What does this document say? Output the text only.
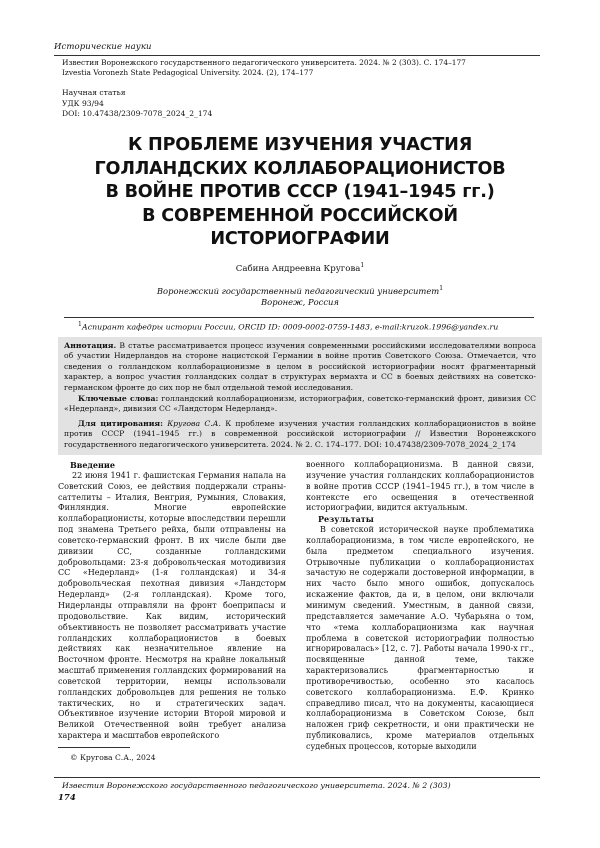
Исторические науки
Известия Воронежского государственного педагогического университета. 2024. № 2 (303). С. 174–177
Izvestia Voronezh State Pedagogical University. 2024. (2), 174–177
Научная статья
УДК 93/94
DOI: 10.47438/2309-7078_2024_2_174
К ПРОБЛЕМЕ ИЗУЧЕНИЯ УЧАСТИЯ
ГОЛЛАНДСКИХ КОЛЛАБОРАЦИОНИСТОВ
В ВОЙНЕ ПРОТИВ СССР (1941–1945 гг.)
В СОВРЕМЕННОЙ РОССИЙСКОЙ
ИСТОРИОГРАФИИ
Сабина Андреевна Кругова$^1$
Воронежский государственный педагогический университет$^1$
Воронеж, Россия
$^1$Аспирант кафедры истории России, ORCID ID: 0009-0002-0759-1483, e-mail:kruzok.1996@yandex.ru

Аннотация. В статье рассматривается процесс изучения современными российскими исследователями вопроса об участии Нидерландов на стороне нацистской Германии в войне против Советского Союза. Отмечается, что сведения о голландском коллаборационизме в целом в российской историографии носят фрагментарный характер, а вопрос участия голландских солдат в структурах вермахта и СС в боевых действиях на советско-германском фронте до сих пор не был отдельной темой исследования.

Ключевые слова: голландский коллаборационизм, историография, советско-германский фронт, дивизия СС «Недерланд», дивизия СС «Ландсторм Недерланд».

Для цитирования: Кругова С.А. К проблеме изучения участия голландских коллаборационистов в войне против СССР (1941–1945 гг.) в современной российской историографии // Известия Воронежского государственного педагогического университета. 2024. № 2. С. 174–177. DOI: 10.47438/2309-7078_2024_2_174

Введение

22 июня 1941 г. фашистская Германия напала на Советский Союз, ее действия поддержали страны-саттелиты – Италия, Венгрия, Румыния, Словакия, Финляндия. Многие европейские коллаборационисты, которые впоследствии перешли под знамена Третьего рейха, были отправлены на советско-германский фронт. В их числе были две дивизии СС, созданные голландскими добровольцами: 23-я добровольческая мотодивизия СС «Недерланд» (1-я голландская) и 34-я добровольческая пехотная дивизия «Ландсторм Недерланд» (2-я голландская). Кроме того, Нидерланды отправляли на фронт боеприпасы и продовольствие. Как видим, исторический объективность не позволяет рассматривать участие голландских коллаборационистов в боевых действиях как незначительное явление на Восточном фронте. Несмотря на крайне локальный масштаб применения голландских формирований на советской территории, немцы использовали голландских добровольцев для решения не только тактических, но и стратегических задач. Объективное изучение истории Второй мировой и Великой Отечественной войн требует анализа характера и масштабов европейского

военного коллаборационизма. В данной связи, изучение участия голландских коллаборационистов в войне против СССР (1941–1945 гг.), в том числе в контексте его освещения в отечественной историографии, видится актуальным.

Результаты

В советской исторической науке проблематика коллаборационизма, в том числе европейского, не была предметом специального изучения. Отрывочные публикации о коллаборационистах зачастую не содержали достоверной информации, в них часто было много ошибок, допускалось искажение фактов, да и, в целом, они включали минимум сведений. Уместным, в данной связи, представляется замечание А.О. Чубарьяна о том, что «тема коллаборационизма как научная проблема в советской историографии полностью игнорировалась» [12, с. 7]. Работы начала 1990-х гг., посвященные данной теме, также характеризовались фрагментарностью и противоречивостью, особенно это касалось советского коллаборационизма. Е.Ф. Кринко справедливо писал, что на документы, касающиеся коллаборационизма в Советском Союзе, был наложен гриф секретности, и они практически не публиковались, кроме материалов отдельных судебных процессов, которые выходили

© Кругова С.А., 2024
Известия Воронежского государственного педагогического университета. 2024. № 2 (303)
174
